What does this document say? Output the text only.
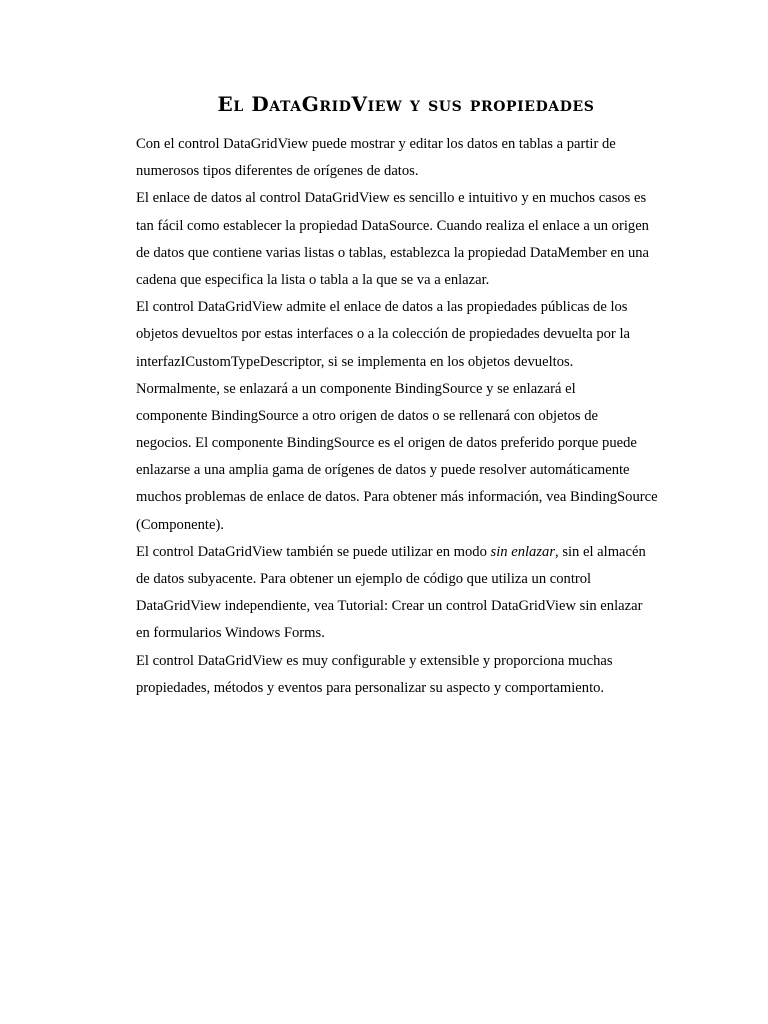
El DataGridView y sus propiedades
Con el control DataGridView puede mostrar y editar los datos en tablas a partir de
numerosos tipos diferentes de orígenes de datos.
El enlace de datos al control DataGridView es sencillo e intuitivo y en muchos casos es
tan fácil como establecer la propiedad DataSource. Cuando realiza el enlace a un origen
de datos que contiene varias listas o tablas, establezca la propiedad DataMember en una
cadena que especifica la lista o tabla a la que se va a enlazar.
El control DataGridView admite el enlace de datos a las propiedades públicas de los
objetos devueltos por estas interfaces o a la colección de propiedades devuelta por la
interfazICustomTypeDescriptor, si se implementa en los objetos devueltos.
Normalmente, se enlazará a un componente BindingSource y se enlazará el
componente BindingSource a otro origen de datos o se rellenará con objetos de
negocios. El componente BindingSource es el origen de datos preferido porque puede
enlazarse a una amplia gama de orígenes de datos y puede resolver automáticamente
muchos problemas de enlace de datos. Para obtener más información, vea BindingSource
(Componente).
El control DataGridView también se puede utilizar en modo sin enlazar, sin el almacén
de datos subyacente. Para obtener un ejemplo de código que utiliza un control
DataGridView independiente, vea Tutorial: Crear un control DataGridView sin enlazar
en formularios Windows Forms.
El control DataGridView es muy configurable y extensible y proporciona muchas
propiedades, métodos y eventos para personalizar su aspecto y comportamiento.
